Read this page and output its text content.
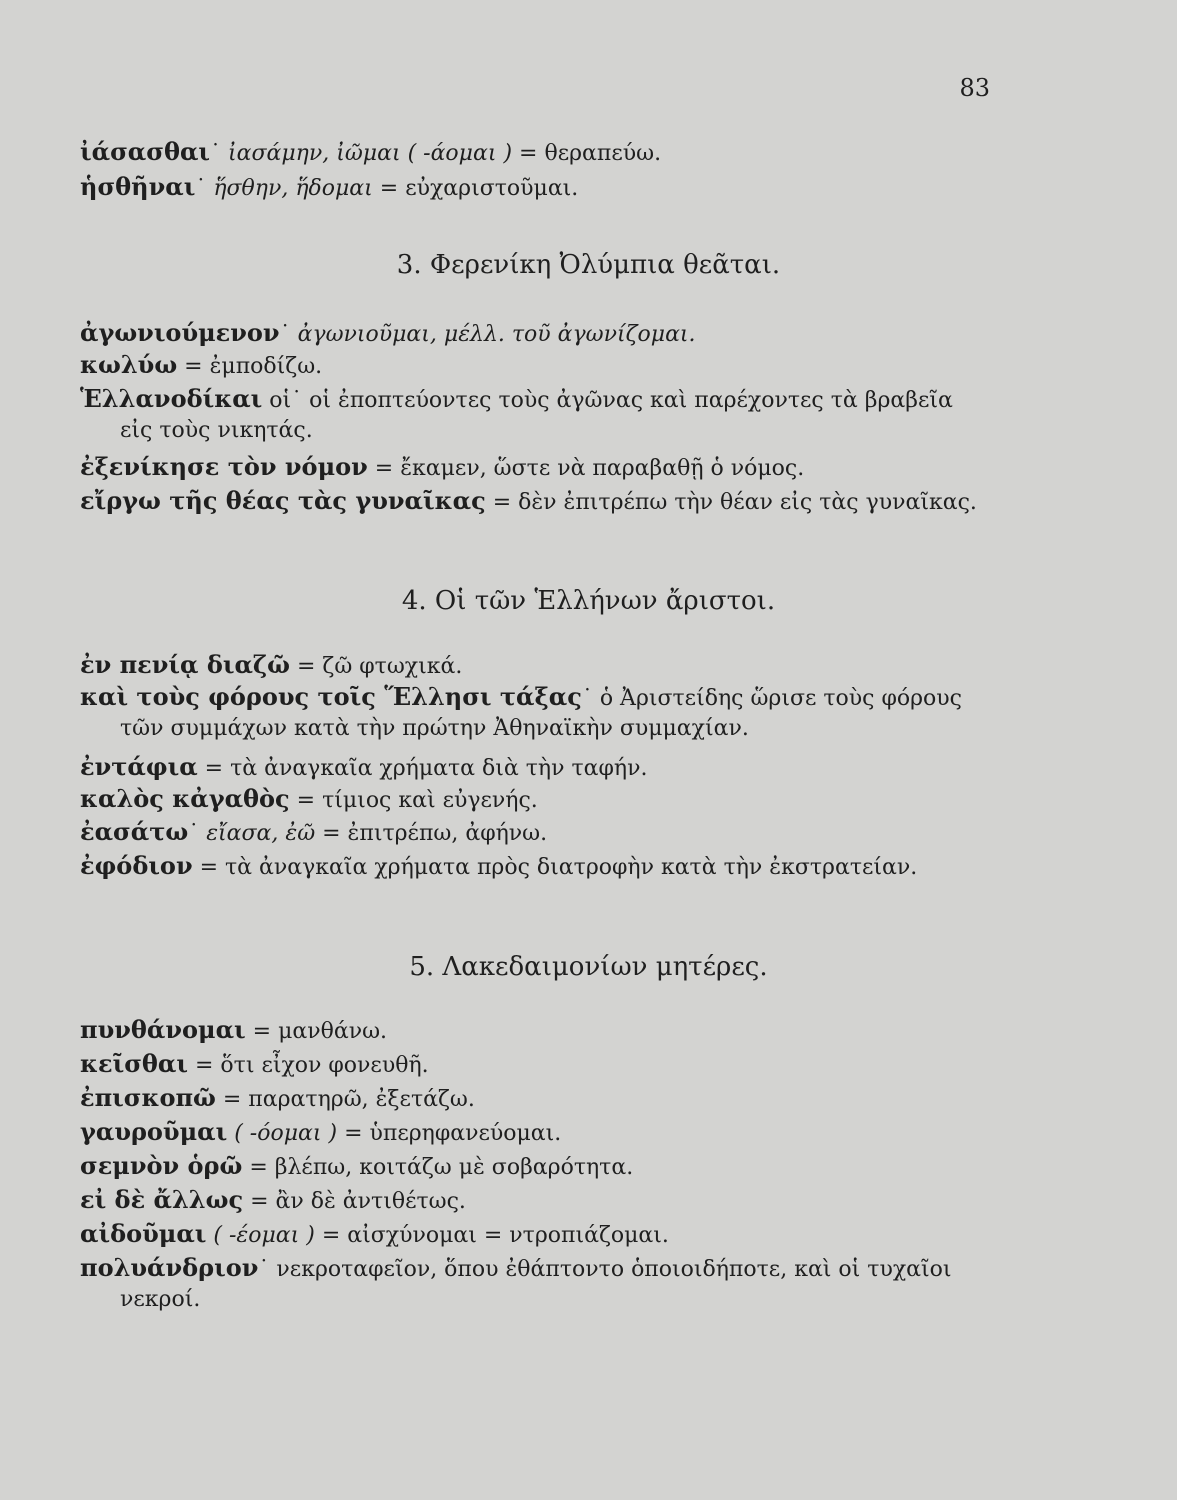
83
ἰάσασθαι˙ ἰασάμην, ἰῶμαι ( -άομαι ) = θεραπεύω.
ἡσθῆναι˙ ἥσθην, ἥδομαι = εὐχαριστοῦμαι.
3. Φερενίκη Ὀλύμπια θεᾶται.
ἀγωνιούμενον˙ ἀγωνιοῦμαι, μέλλ. τοῦ ἀγωνίζομαι.
κωλύω = ἐμποδίζω.
Ἑλλανοδίκαι οἱ˙ οἱ ἐποπτεύοντες τοὺς ἀγῶνας καὶ παρέχοντες τὰ βραβεῖα εἰς τοὺς νικητάς.
ἐξενίκησε τὸν νόμον = ἔκαμεν, ὥστε νὰ παραβαθῇ ὁ νόμος.
εἴργω τῆς θέας τὰς γυναῖκας = δὲν ἐπιτρέπω τὴν θέαν εἰς τὰς γυναῖκας.
4. Οἱ τῶν Ἑλλήνων ἄριστοι.
ἐν πενίᾳ διαζῶ = ζῶ φτωχικά.
καὶ τοὺς φόρους τοῖς Ἕλλησι τάξας˙ ὁ Ἀριστείδης ὥρισε τοὺς φόρους τῶν συμμάχων κατὰ τὴν πρώτην Ἀθηναϊκὴν συμμαχίαν.
ἐντάφια = τὰ ἀναγκαῖα χρήματα διὰ τὴν ταφήν.
καλὸς κἀγαθὸς = τίμιος καὶ εὐγενής.
ἐασάτω˙ εἴασα, ἐῶ = ἐπιτρέπω, ἀφήνω.
ἐφόδιον = τὰ ἀναγκαῖα χρήματα πρὸς διατροφὴν κατὰ τὴν ἐκστρατείαν.
5. Λακεδαιμονίων μητέρες.
πυνθάνομαι = μανθάνω.
κεῖσθαι = ὅτι εἶχον φονευθῆ.
ἐπισκοπῶ = παρατηρῶ, ἐξετάζω.
γαυροῦμαι ( -όομαι ) = ὑπερηφανεύομαι.
σεμνὸν ὁρῶ = βλέπω, κοιτάζω μὲ σοβαρότητα.
εἰ δὲ ἄλλως = ἂν δὲ ἀντιθέτως.
αἰδοῦμαι ( -έομαι ) = αἰσχύνομαι = ντροπιάζομαι.
πολυάνδριον˙ νεκροταφεῖον, ὅπου ἐθάπτοντο ὁποιοιδήποτε, καὶ οἱ τυχαῖοι νεκροί.
